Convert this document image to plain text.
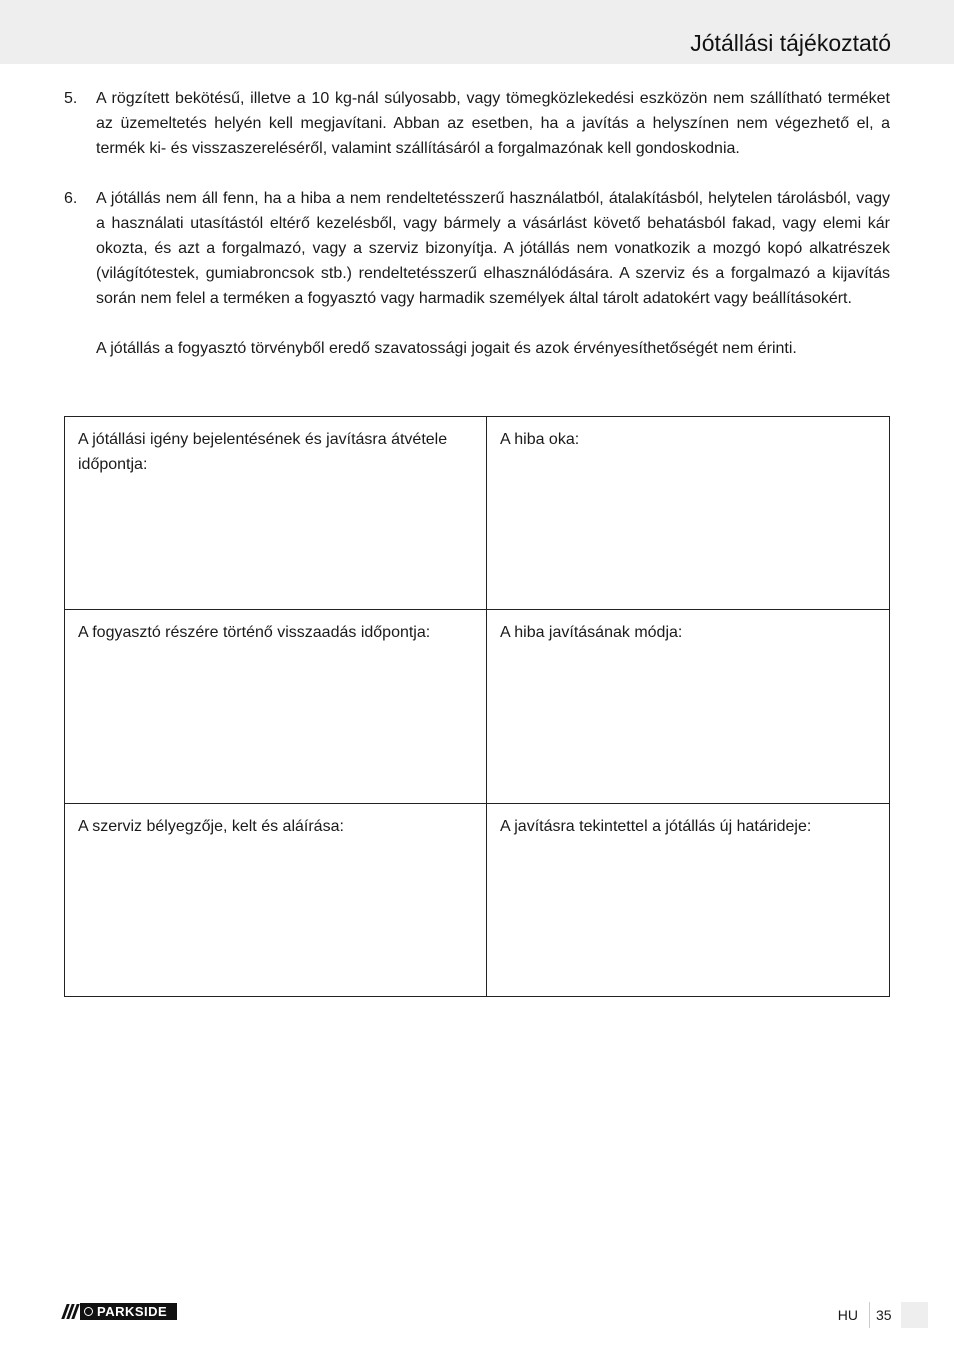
Jótállási tájékoztató
5. A rögzített bekötésű, illetve a 10 kg-nál súlyosabb, vagy tömegközlekedési eszközön nem szállítható terméket az üzemeltetés helyén kell megjavítani. Abban az esetben, ha a javítás a helyszínen nem végezhető el, a termék ki- és visszaszereléséről, valamint szállításáról a forgalmazónak kell gondoskodnia.
6. A jótállás nem áll fenn, ha a hiba a nem rendeltetésszerű használatból, átalakításból, helytelen tárolásból, vagy a használati utasítástól eltérő kezelésből, vagy bármely a vásárlást követő behatásból fakad, vagy elemi kár okozta, és azt a forgalmazó, vagy a szerviz bizonyítja. A jótállás nem vonatkozik a mozgó kopó alkatrészek (világítótestek, gumiabroncsok stb.) rendeltetésszerű elhasználódására. A szerviz és a forgalmazó a kijavítás során nem felel a terméken a fogyasztó vagy harmadik személyek által tárolt adatokért vagy beállításokért.
A jótállás a fogyasztó törvényből eredő szavatossági jogait és azok érvényesíthetőségét nem érinti.
A jótállási igény bejelentésének és javításra átvétele időpontja:	A hiba oka:
A fogyasztó részére történő visszaadás időpontja:	A hiba javításának módja:
A szerviz bélyegzője, kelt és aláírása:	A javításra tekintettel a jótállás új határideje:
PARKSIDE	HU 35
